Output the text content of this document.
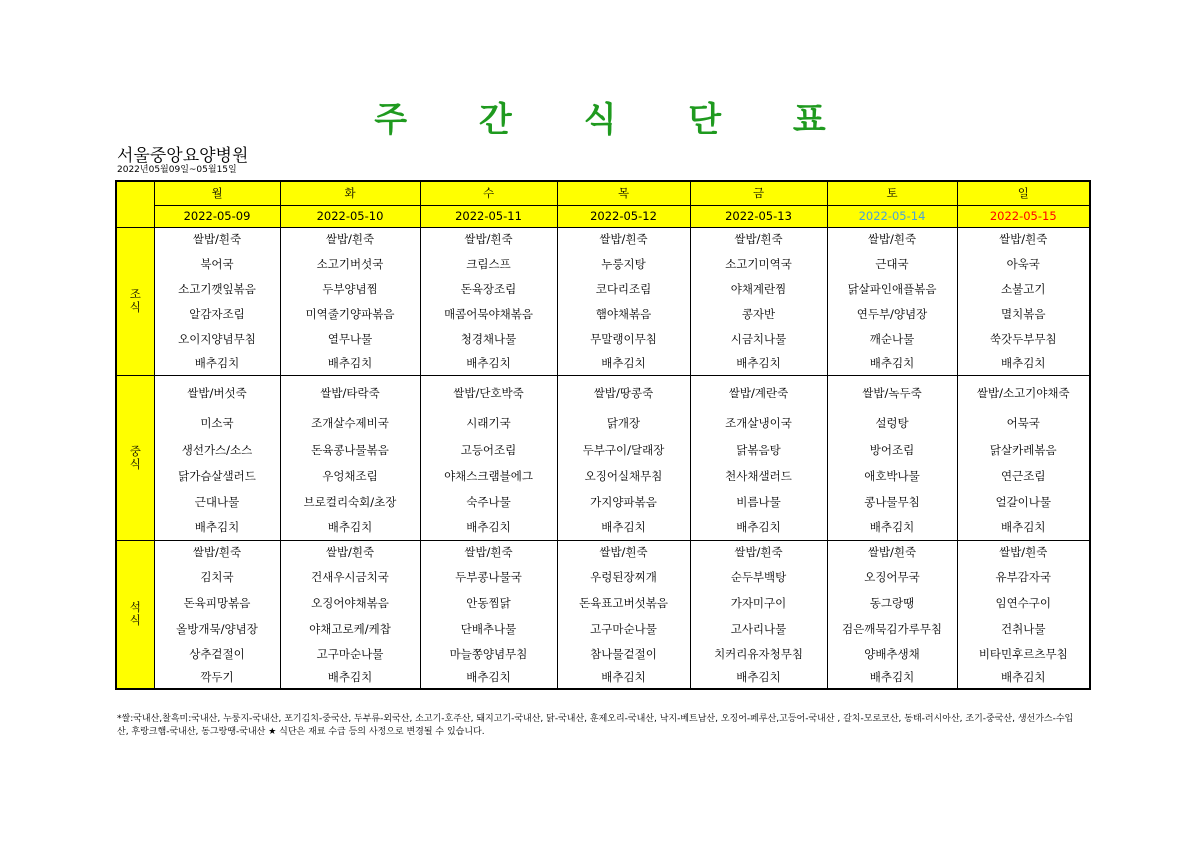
주 간 식 단 표
서울중앙요양병원
2022년05월09일~05월15일
	월	화	수	목	금	토	일
	2022-05-09	2022-05-10	2022-05-11	2022-05-12	2022-05-13	2022-05-14	2022-05-15
조
식	쌀밥/흰죽	쌀밥/흰죽	쌀밥/흰죽	쌀밥/흰죽	쌀밥/흰죽	쌀밥/흰죽	쌀밥/흰죽
	북어국	소고기버섯국	크림스프	누룽지탕	소고기미역국	근대국	아욱국
	소고기깻잎볶음	두부양념찜	돈육장조림	코다리조림	야채계란찜	닭살파인애플볶음	소불고기
	알감자조림	미역줄기양파볶음	매콤어묵야채볶음	햄야채볶음	콩자반	연두부/양념장	멸치볶음
	오이지양념무침	열무나물	청경채나물	무말랭이무침	시금치나물	깨순나물	쑥갓두부무침
	배추김치	배추김치	배추김치	배추김치	배추김치	배추김치	배추김치
중
식	쌀밥/버섯죽	쌀밥/타락죽	쌀밥/단호박죽	쌀밥/땅콩죽	쌀밥/계란죽	쌀밥/녹두죽	쌀밥/소고기야채죽
	미소국	조개살수제비국	시래기국	닭개장	조개살냉이국	설렁탕	어묵국
	생선가스/소스	돈육콩나물볶음	고등어조림	두부구이/달래장	닭볶음탕	방어조림	닭살카레볶음
	닭가슴살샐러드	우엉채조림	야채스크램블에그	오징어실채무침	천사채샐러드	애호박나물	연근조림
	근대나물	브로컬리숙회/초장	숙주나물	가지양파볶음	비름나물	콩나물무침	얼갈이나물
	배추김치	배추김치	배추김치	배추김치	배추김치	배추김치	배추김치
석
식	쌀밥/흰죽	쌀밥/흰죽	쌀밥/흰죽	쌀밥/흰죽	쌀밥/흰죽	쌀밥/흰죽	쌀밥/흰죽
	김치국	건새우시금치국	두부콩나물국	우렁된장찌개	순두부백탕	오징어무국	유부감자국
	돈육피망볶음	오징어야채볶음	안동찜닭	돈육표고버섯볶음	가자미구이	동그랑땡	임연수구이
	올방개묵/양념장	야채고로케/케찹	단배추나물	고구마순나물	고사리나물	검은깨묵김가루무침	건취나물
	상추겉절이	고구마순나물	마늘쫑양념무침	참나물겉절이	치커리유자청무침	양배추생채	비타민후르츠무침
	깍두기	배추김치	배추김치	배추김치	배추김치	배추김치	배추김치
*쌀:국내산,찰흑미:국내산, 누룽지-국내산, 포기김치-중국산, 두부류-외국산, 소고기-호주산, 돼지고기-국내산, 닭-국내산, 훈제오리-국내산, 낙지-베트남산, 오징어-페루산,고등어-국내산 , 갈치-모로코산, 동태-러시아산, 조기-중국산, 생선가스-수입산, 후랑크햄-국내산, 동그랑땡-국내산 ★ 식단은 재료 수급 등의 사정으로 변경될 수 있습니다.
